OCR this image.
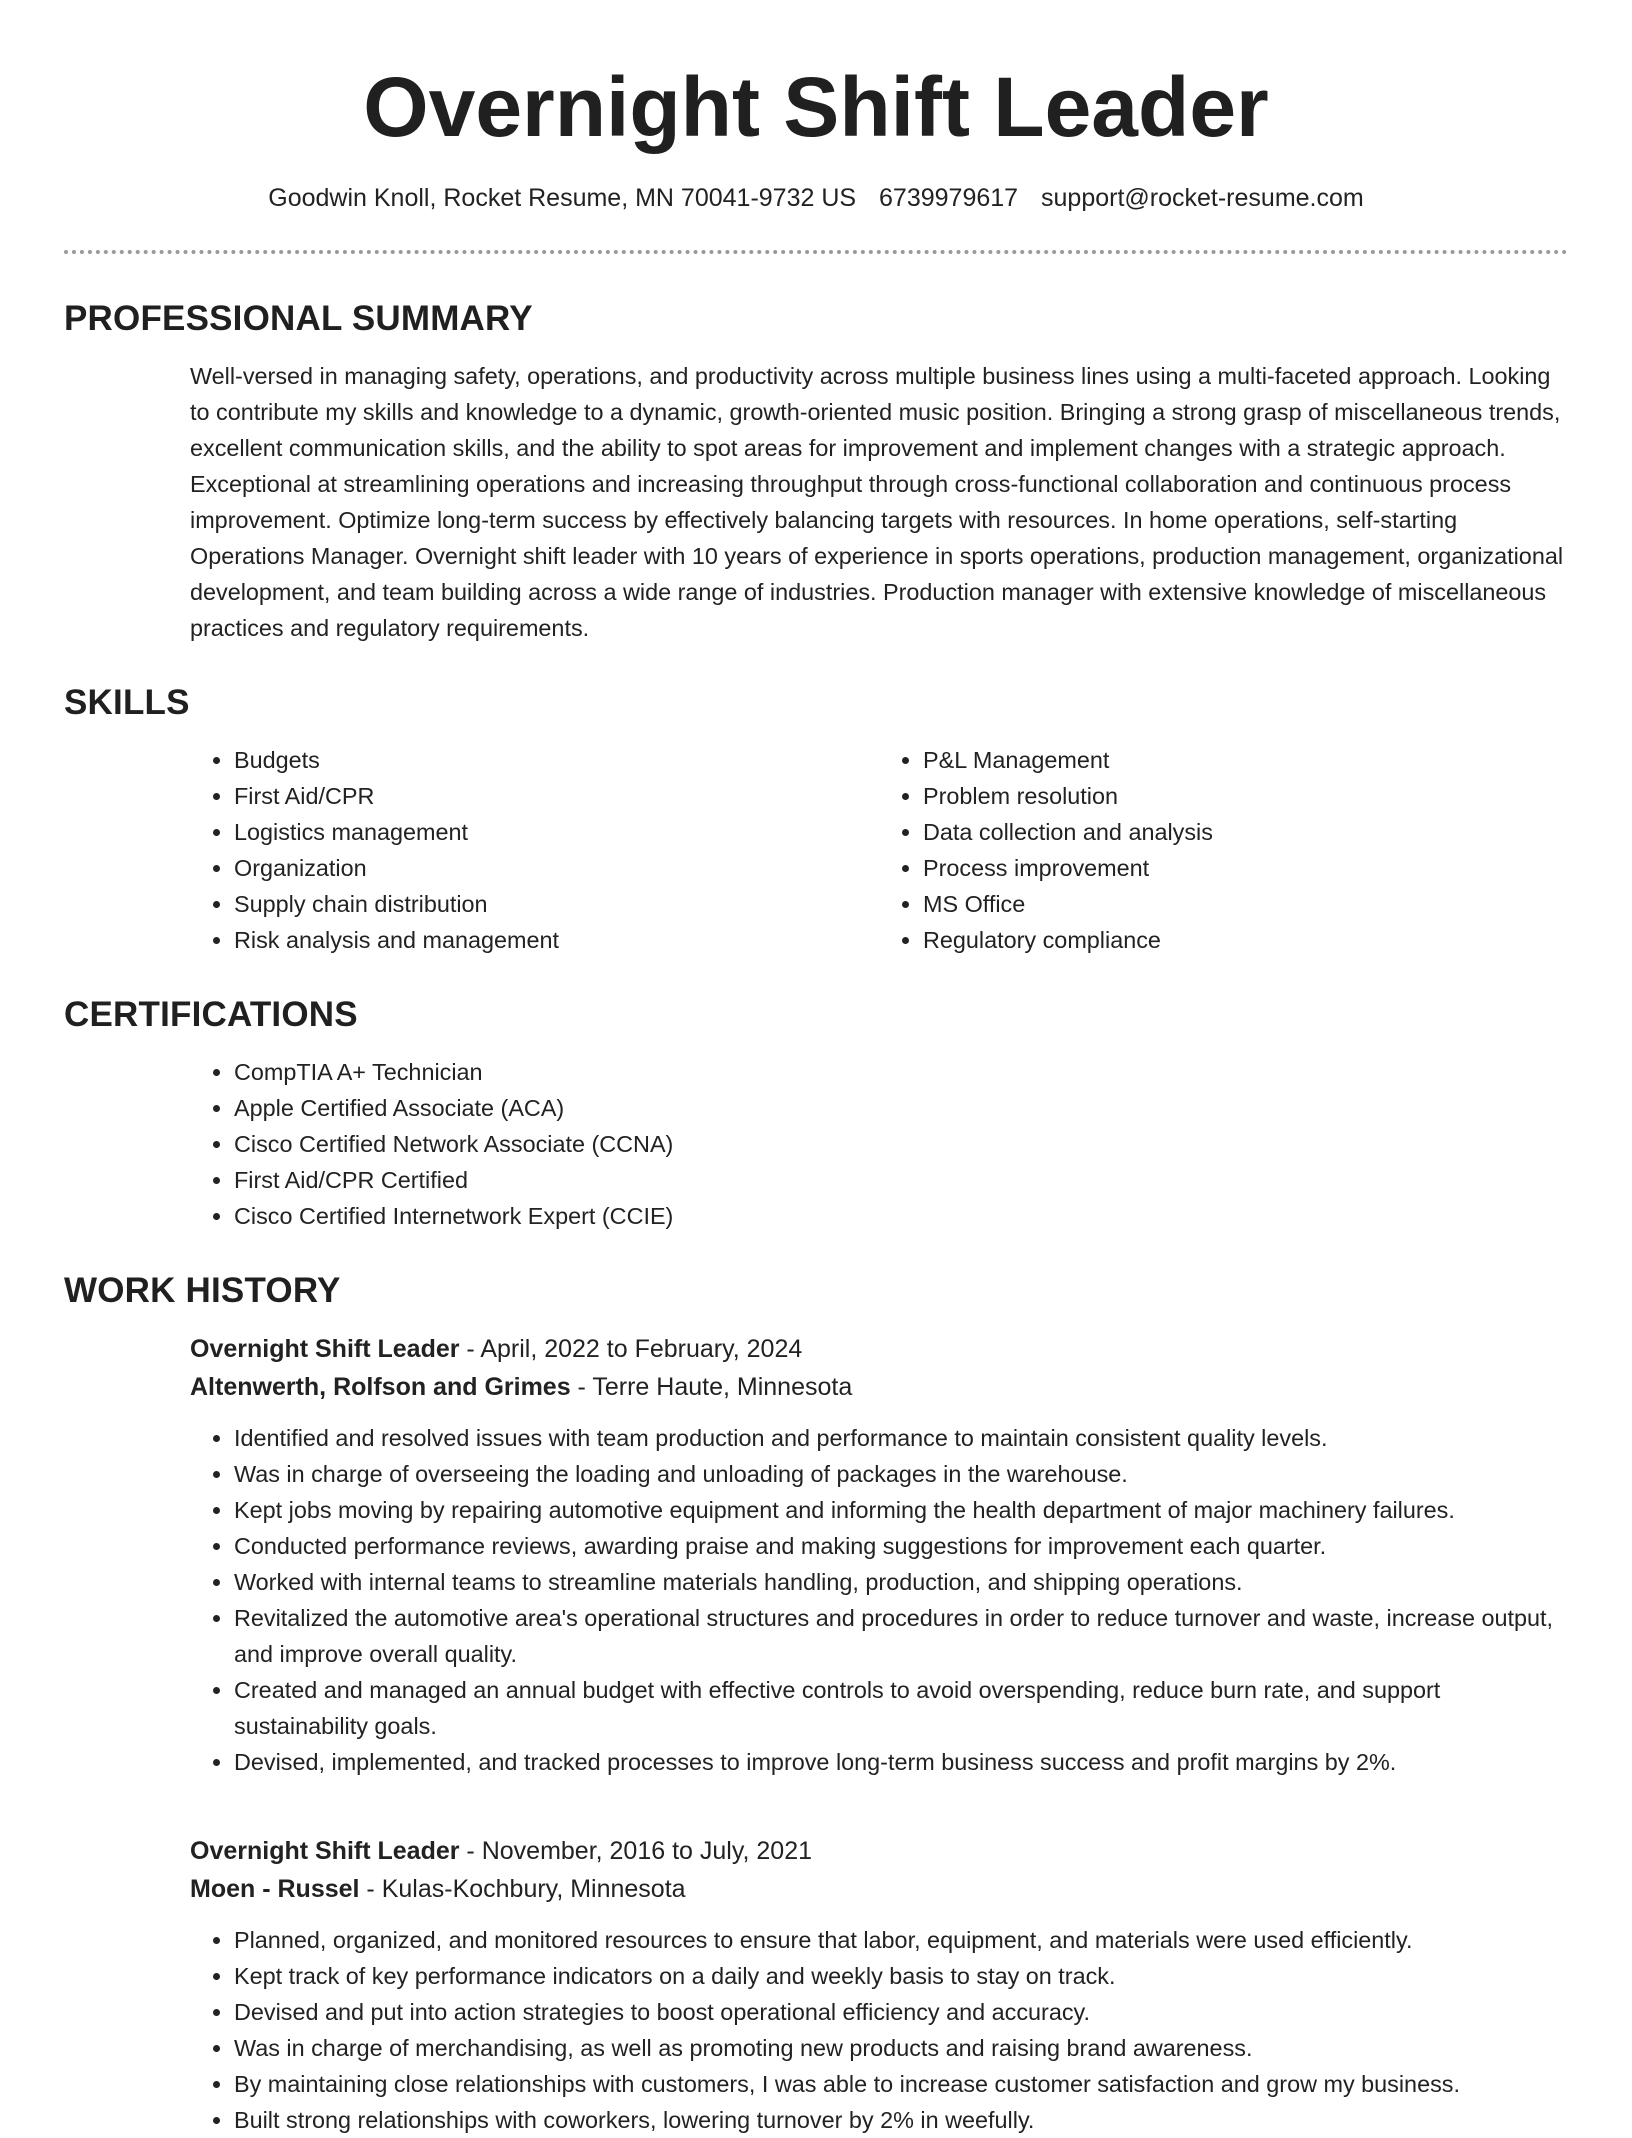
Overnight Shift Leader
Goodwin Knoll, Rocket Resume, MN 70041-9732 US 6739979617 support@rocket-resume.com
PROFESSIONAL SUMMARY
Well-versed in managing safety, operations, and productivity across multiple business lines using a multi-faceted approach. Looking to contribute my skills and knowledge to a dynamic, growth-oriented music position. Bringing a strong grasp of miscellaneous trends, excellent communication skills, and the ability to spot areas for improvement and implement changes with a strategic approach. Exceptional at streamlining operations and increasing throughput through cross-functional collaboration and continuous process improvement. Optimize long-term success by effectively balancing targets with resources. In home operations, self-starting Operations Manager. Overnight shift leader with 10 years of experience in sports operations, production management, organizational development, and team building across a wide range of industries. Production manager with extensive knowledge of miscellaneous practices and regulatory requirements.
SKILLS
• Budgets
• First Aid/CPR
• Logistics management
• Organization
• Supply chain distribution
• Risk analysis and management
• P&L Management
• Problem resolution
• Data collection and analysis
• Process improvement
• MS Office
• Regulatory compliance
CERTIFICATIONS
• CompTIA A+ Technician
• Apple Certified Associate (ACA)
• Cisco Certified Network Associate (CCNA)
• First Aid/CPR Certified
• Cisco Certified Internetwork Expert (CCIE)
WORK HISTORY
Overnight Shift Leader - April, 2022 to February, 2024
Altenwerth, Rolfson and Grimes - Terre Haute, Minnesota
• Identified and resolved issues with team production and performance to maintain consistent quality levels.
• Was in charge of overseeing the loading and unloading of packages in the warehouse.
• Kept jobs moving by repairing automotive equipment and informing the health department of major machinery failures.
• Conducted performance reviews, awarding praise and making suggestions for improvement each quarter.
• Worked with internal teams to streamline materials handling, production, and shipping operations.
• Revitalized the automotive area's operational structures and procedures in order to reduce turnover and waste, increase output, and improve overall quality.
• Created and managed an annual budget with effective controls to avoid overspending, reduce burn rate, and support sustainability goals.
• Devised, implemented, and tracked processes to improve long-term business success and profit margins by 2%.
Overnight Shift Leader - November, 2016 to July, 2021
Moen - Russel - Kulas-Kochbury, Minnesota
• Planned, organized, and monitored resources to ensure that labor, equipment, and materials were used efficiently.
• Kept track of key performance indicators on a daily and weekly basis to stay on track.
• Devised and put into action strategies to boost operational efficiency and accuracy.
• Was in charge of merchandising, as well as promoting new products and raising brand awareness.
• By maintaining close relationships with customers, I was able to increase customer satisfaction and grow my business.
• Built strong relationships with coworkers, lowering turnover by 2% in weefully.
